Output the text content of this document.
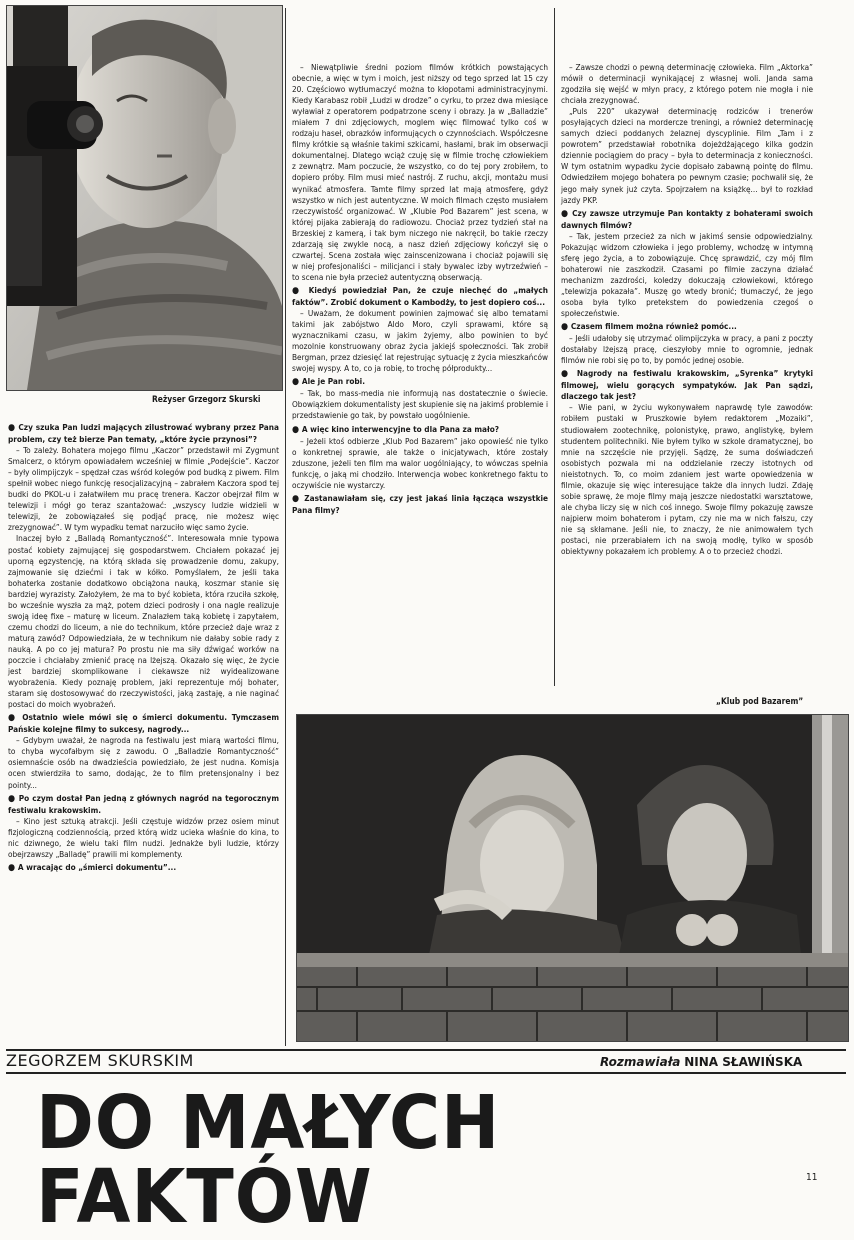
Reżyser Grzegorz Skurski

● Czy szuka Pan ludzi mających zilustrować wybrany przez Pana problem, czy też bierze Pan tematy, „które życie przynosi”?

– To zależy. Bohatera mojego filmu „Kaczor” przedstawił mi Zygmunt Smalcerz, o którym opowiadałem wcześniej w filmie „Podejście”. Kaczor – były olimpijczyk – spędzał czas wśród kolegów pod budką z piwem. Film spełnił wobec niego funkcję resocjalizacyjną – zabrałem Kaczora spod tej budki do PKOL-u i załatwiłem mu pracę trenera. Kaczor obejrzał film w telewizji i mógł go teraz szantażować: „wszyscy ludzie widzieli w telewizji, że zobowiązałeś się podjąć pracę, nie możesz więc zrezygnować”. W tym wypadku temat narzuciło więc samo życie.

Inaczej było z „Balladą Romantyczność”. Interesowała mnie typowa postać kobiety zajmującej się gospodarstwem. Chciałem pokazać jej uporną egzystencję, na którą składa się prowadzenie domu, zakupy, zajmowanie się dziećmi i tak w kółko. Pomyślałem, że jeśli taka bohaterka zostanie dodatkowo obciążona nauką, koszmar stanie się bardziej wyrazisty. Założyłem, że ma to być kobieta, która rzuciła szkołę, bo wcześnie wyszła za mąż, potem dzieci podrosły i ona nagle realizuje swoją ideę fixe – maturę w liceum. Znalazłem taką kobietę i zapytałem, czemu chodzi do liceum, a nie do technikum, które przecież daje wraz z maturą zawód? Odpowiedziała, że w technikum nie dałaby sobie rady z nauką. A po co jej matura? Po prostu nie ma siły dźwigać worków na poczcie i chciałaby zmienić pracę na lżejszą. Okazało się więc, że życie jest bardziej skomplikowane i ciekawsze niż wyidealizowane wyobrażenia. Kiedy poznaję problem, jaki reprezentuje mój bohater, staram się dostosowywać do rzeczywistości, jaką zastaję, a nie naginać postaci do moich wyobrażeń.

● Ostatnio wiele mówi się o śmierci dokumentu. Tymczasem Pańskie kolejne filmy to sukcesy, nagrody...

– Gdybym uważał, że nagroda na festiwalu jest miarą wartości filmu, to chyba wycofałbym się z zawodu. O „Balladzie Romantyczność” osiemnaście osób na dwadzieścia powiedziało, że jest nudna. Komisja ocen stwierdziła to samo, dodając, że to film pretensjonalny i bez pointy...

● Po czym dostał Pan jedną z głównych nagród na tegorocznym festiwalu krakowskim.

– Kino jest sztuką atrakcji. Jeśli częstuje widzów przez osiem minut fizjologiczną codziennością, przed którą widz ucieka właśnie do kina, to nic dziwnego, że wielu taki film nudzi. Jednakże byli ludzie, którzy obejrzawszy „Balladę” prawili mi komplementy.

● A wracając do „śmierci dokumentu”...

– Niewątpliwie średni poziom filmów krótkich powstających obecnie, a więc w tym i moich, jest niższy od tego sprzed lat 15 czy 20. Częściowo wytłumaczyć można to kłopotami administracyjnymi. Kiedy Karabasz robił „Ludzi w drodze” o cyrku, to przez dwa miesiące wyławiał z operatorem podpatrzone sceny i obrazy. Ja w „Balladzie” miałem 7 dni zdjęciowych, moglem więc filmować tylko coś w rodzaju haseł, obrazków informujących o czynnościach. Współczesne filmy krótkie są właśnie takimi szkicami, hasłami, brak im obserwacji dokumentalnej. Dlatego wciąż czuję się w filmie trochę człowiekiem z zewnątrz. Mam poczucie, że wszystko, co do tej pory zrobiłem, to dopiero próby. Film musi mieć nastrój. Z ruchu, akcji, montażu musi wynikać atmosfera. Tamte filmy sprzed lat mają atmosferę, gdyż wszystko w nich jest autentyczne. W moich filmach często musiałem rzeczywistość organizować. W „Klubie Pod Bazarem” jest scena, w której pijaka zabierają do radiowozu. Chociaż przez tydzień stał na Brzeskiej z kamerą, i tak bym niczego nie nakręcił, bo takie rzeczy zdarzają się zwykle nocą, a nasz dzień zdjęciowy kończył się o czwartej. Scena została więc zainscenizowana i chociaż pojawili się w niej profesjonaliści – milicjanci i stały bywalec izby wytrzeźwień – to scena nie była przecież autentyczną obserwacją.

● Kiedyś powiedział Pan, że czuje niechęć do „małych faktów”. Zrobić dokument o Kambodży, to jest dopiero coś...

– Uważam, że dokument powinien zajmować się albo tematami takimi jak zabójstwo Aldo Moro, czyli sprawami, które są wyznacznikami czasu, w jakim żyjemy, albo powinien to być mozolnie konstruowany obraz życia jakiejś społeczności. Tak zrobił Bergman, przez dziesięć lat rejestrując sytuację z życia mieszkańców swojej wyspy. A to, co ja robię, to trochę półprodukty...

● Ale je Pan robi.

– Tak, bo mass-media nie informują nas dostatecznie o świecie. Obowiązkiem dokumentalisty jest skupienie się na jakimś problemie i przedstawienie go tak, by powstało uogólnienie.

● A więc kino interwencyjne to dla Pana za mało?

– Jeżeli ktoś odbierze „Klub Pod Bazarem” jako opowieść nie tylko o konkretnej sprawie, ale także o inicjatywach, które zostały zduszone, jeżeli ten film ma walor uogólniający, to wówczas spełnia funkcję, o jaką mi chodziło. Interwencja wobec konkretnego faktu to oczywiście nie wystarczy.

● Zastanawiałam się, czy jest jakaś linia łącząca wszystkie Pana filmy?

– Zawsze chodzi o pewną determinację człowieka. Film „Aktorka” mówił o determinacji wynikającej z własnej woli. Janda sama zgodziła się wejść w młyn pracy, z którego potem nie mogła i nie chciała zrezygnować.

„Puls 220” ukazywał determinację rodziców i trenerów posyłających dzieci na mordercze treningi, a również determinację samych dzieci poddanych żelaznej dyscyplinie. Film „Tam i z powrotem” przedstawiał robotnika dojeżdżającego kilka godzin dziennie pociągiem do pracy – była to determinacja z konieczności. W tym ostatnim wypadku życie dopisało zabawną pointę do filmu. Odwiedziłem mojego bohatera po pewnym czasie; pochwalił się, że jego mały synek już czyta. Spojrzałem na książkę... był to rozkład jazdy PKP.

● Czy zawsze utrzymuje Pan kontakty z bohaterami swoich dawnych filmów?

– Tak, jestem przecież za nich w jakimś sensie odpowiedzialny. Pokazując widzom człowieka i jego problemy, wchodzę w intymną sferę jego życia, a to zobowiązuje. Chcę sprawdzić, czy mój film bohaterowi nie zaszkodził. Czasami po filmie zaczyna działać mechanizm zazdrości, koledzy dokuczają człowiekowi, którego „telewizja pokazała”. Muszę go wtedy bronić; tłumaczyć, że jego osoba była tylko pretekstem do powiedzenia czegoś o społeczeństwie.

● Czasem filmem można również pomóc...

– Jeśli udałoby się utrzymać olimpijczyka w pracy, a pani z poczty dostałaby lżejszą pracę, cieszyłoby mnie to ogromnie, jednak filmów nie robi się po to, by pomóc jednej osobie.

● Nagrody na festiwalu krakowskim, „Syrenka” krytyki filmowej, wielu gorących sympatyków. Jak Pan sądzi, dlaczego tak jest?

– Wie pani, w życiu wykonywałem naprawdę tyle zawodów: robiłem pustaki w Pruszkowie byłem redaktorem „Mozaiki”, studiowałem zootechnikę, polonistykę, prawo, anglistykę, byłem studentem politechniki. Nie byłem tylko w szkole dramatycznej, bo mnie na szczęście nie przyjęli. Sądzę, że suma doświadczeń osobistych pozwala mi na oddzielanie rzeczy istotnych od nieistotnych. To, co moim zdaniem jest warte opowiedzenia w filmie, okazuje się więc interesujące także dla innych ludzi. Zdaję sobie sprawę, że moje filmy mają jeszcze niedostatki warsztatowe, ale chyba liczy się w nich coś innego. Swoje filmy pokazuję zawsze najpierw moim bohaterom i pytam, czy nie ma w nich fałszu, czy nie są skłamane. Jeśli nie, to znaczy, że nie animowałem tych postaci, nie przerabiałem ich na swoją modłę, tylko w sposób obiektywny pokazałem ich problemy. A o to przecież chodzi.

„Klub pod Bazarem”
ZEGORZEM SKURSKIM	Rozmawiała NINA SŁAWIŃSKA
DO MAŁYCH FAKTÓW	11
